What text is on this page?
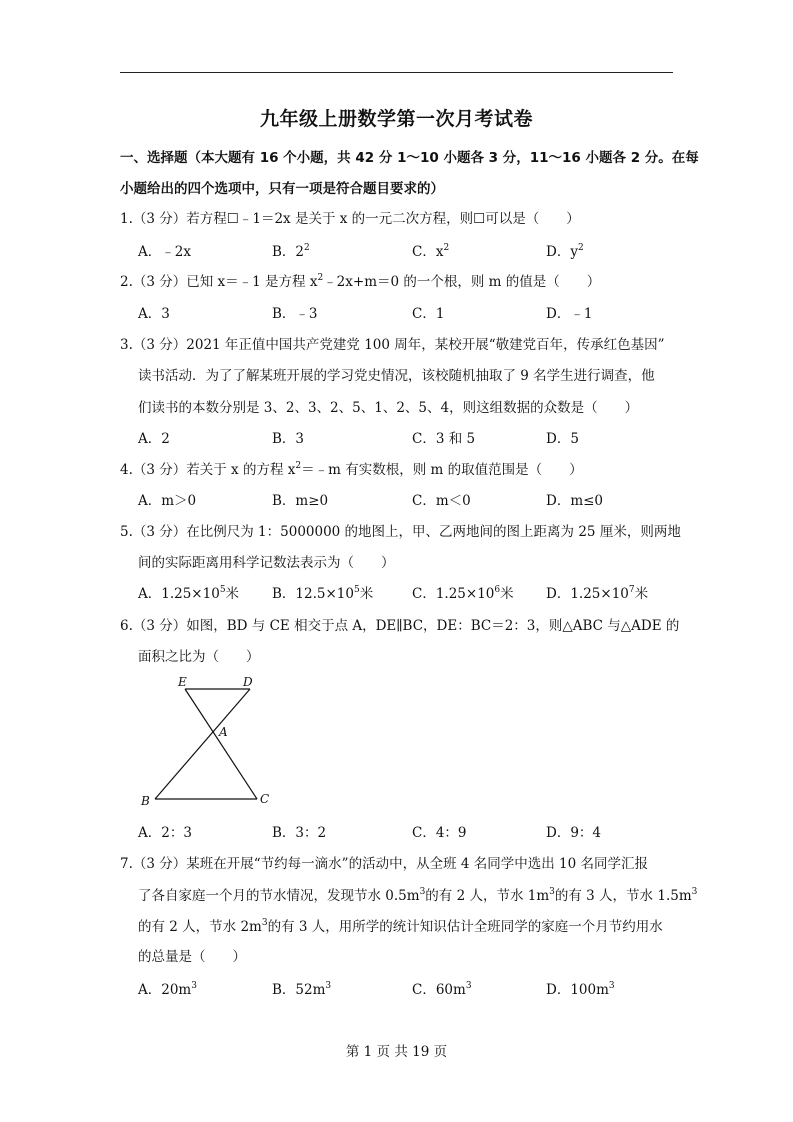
九年级上册数学第一次月考试卷
一、选择题（本大题有 16 个小题，共 42 分 1～10 小题各 3 分，11～16 小题各 2 分。在每
小题给出的四个选项中，只有一项是符合题目要求的）
1.（3 分）若方程☐﹣1＝2x 是关于 x 的一元二次方程，则☐可以是（　　）
A．﹣2x	B．$2^2$	C．$x^2$	D．$y^2$
2.（3 分）已知 x＝﹣1 是方程 $x^2﹣2x+m=0$ 的一个根，则 m 的值是（　　）
A．3	B．﹣3	C．1	D．﹣1
3.（3 分）2021 年正值中国共产党建党 100 周年，某校开展“敬建党百年，传承红色基因”
读书活动．为了了解某班开展的学习党史情况，该校随机抽取了 9 名学生进行调查，他
们读书的本数分别是 3、2、3、2、5、1、2、5、4，则这组数据的众数是（　　）
A．2	B．3	C．3 和 5	D．5
4.（3 分）若关于 x 的方程 $x^2=﹣m$ 有实数根，则 m 的取值范围是（　　）
A．m＞0	B．m≥0	C．m＜0	D．m≤0
5.（3 分）在比例尺为 1：5000000 的地图上，甲、乙两地间的图上距离为 25 厘米，则两地
间的实际距离用科学记数法表示为（　　）
A．$1.25\times 10^5$米 B．$12.5\times 10^5$米	C．$1.25\times 10^6$米 D．$1.25\times 10^7$米
6.（3 分）如图，BD 与 CE 相交于点 A，DE∥BC，DE：BC＝2：3，则△ABC 与△ADE 的
面积之比为（　　）
E	D
A
B	C
A．2：3	B．3：2	C．4：9	D．9：4
7.（3 分）某班在开展“节约每一滴水”的活动中，从全班 4 名同学中选出 10 名同学汇报
了各自家庭一个月的节水情况，发现节水 $0.5m^3$的有 2 人，节水 $1m^3$的有 3 人，节水 $1.5m^3$
的有 2 人，节水 $2m^3$的有 3 人，用所学的统计知识估计全班同学的家庭一个月节约用水
的总量是（　　）
A．$20m^3$	B．$52m^3$	C．$60m^3$	D．$100m^3$
第 1 页 共 19 页
